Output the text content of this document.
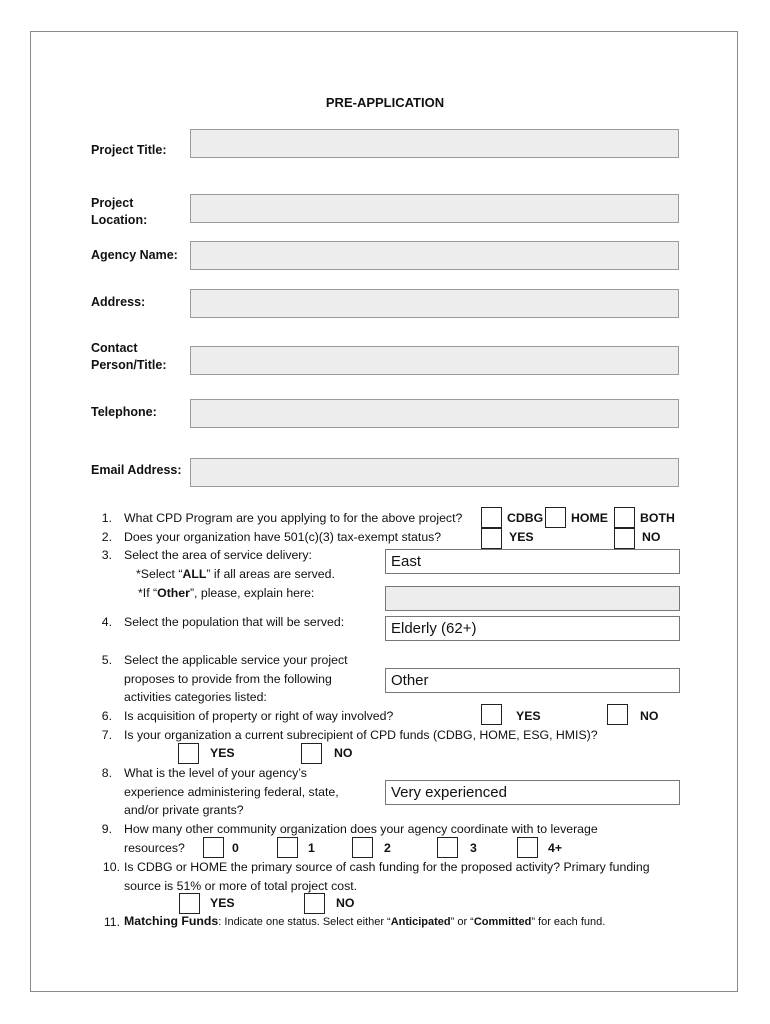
PRE-APPLICATION
Project Title:
Project
Location:
Agency Name:
Address:
Contact
Person/Title:
Telephone:
Email Address:
1. What CPD Program are you applying to for the above project?	CDBG HOME	BOTH
2. Does your organization have 501(c)(3) tax-exempt status?	YES	NO
3. Select the area of service delivery:
*Select “ALL” if all areas are served.
*If “Other”, please, explain here:
East
4. Select the population that will be served:	Elderly (62+)
5. Select the applicable service your project
proposes to provide from the following
activities categories listed:
Other
6. Is acquisition of property or right of way involved?	YES	NO
7. Is your organization a current subrecipient of CPD funds (CDBG, HOME, ESG, HMIS)?
YES	NO
8. What is the level of your agency’s
experience administering federal, state,
and/or private grants?
Very experienced
9. How many other community organization does your agency coordinate with to leverage
resources?	0	1	2	3	4+
10. Is CDBG or HOME the primary source of cash funding for the proposed activity? Primary funding
source is 51% or more of total project cost.
YES	NO
11. Matching Funds: Indicate one status. Select either “Anticipated” or “Committed” for each fund.
